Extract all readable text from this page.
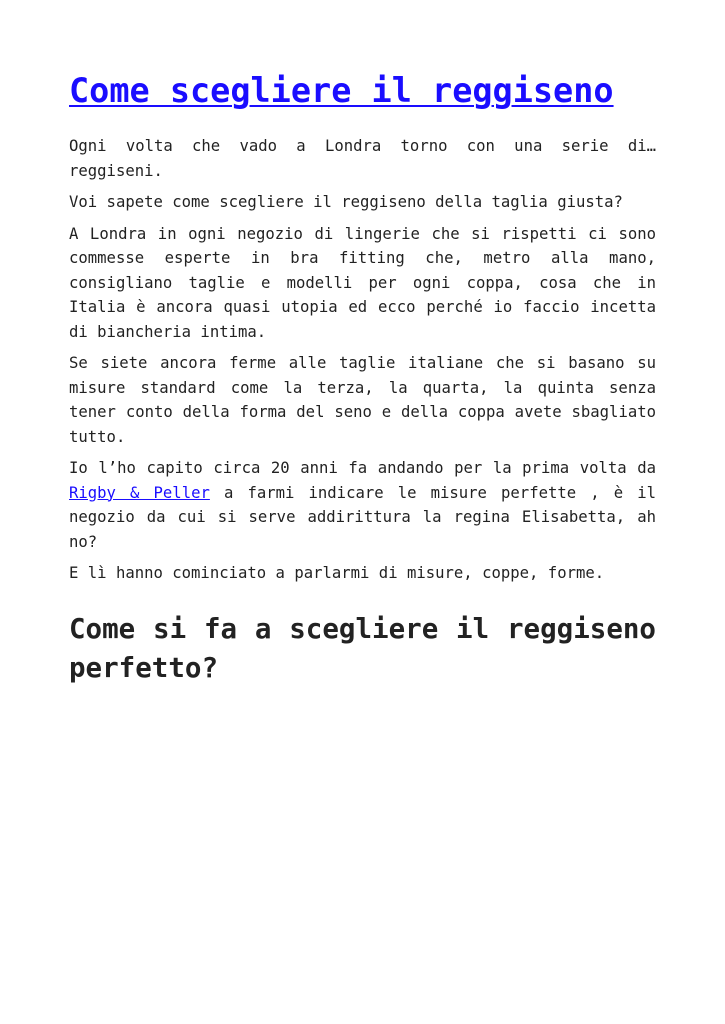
Come scegliere il reggiseno

Ogni volta che vado a Londra torno con una serie di… reggiseni.

Voi sapete come scegliere il reggiseno della taglia giusta?

A Londra in ogni negozio di lingerie che si rispetti ci sono commesse esperte in bra fitting che, metro alla mano, consigliano taglie e modelli per ogni coppa, cosa che in Italia è ancora quasi utopia ed ecco perché io faccio incetta di biancheria intima.

Se siete ancora ferme alle taglie italiane che si basano su misure standard come la terza, la quarta, la quinta senza tener conto della forma del seno e della coppa avete sbagliato tutto.

Io l’ho capito circa 20 anni fa andando per la prima volta da Rigby & Peller a farmi indicare le misure perfette , è il negozio da cui si serve addirittura la regina Elisabetta, ah no?

E lì hanno cominciato a parlarmi di misure, coppe, forme.

Come si fa a scegliere il reggiseno perfetto?
